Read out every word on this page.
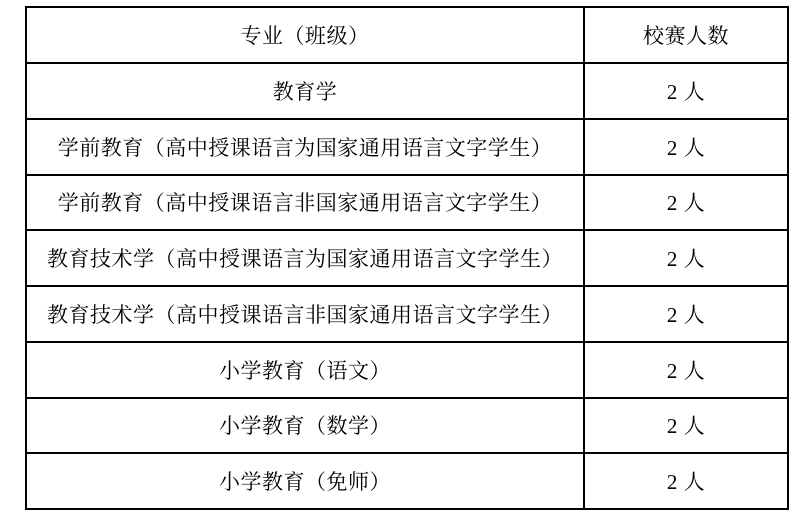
专业（班级）	校赛人数
教育学	2 人
学前教育（高中授课语言为国家通用语言文字学生）	2 人
学前教育（高中授课语言非国家通用语言文字学生）	2 人
教育技术学（高中授课语言为国家通用语言文字学生）	2 人
教育技术学（高中授课语言非国家通用语言文字学生）	2 人
小学教育（语文）	2 人
小学教育（数学）	2 人
小学教育（免师）	2 人
